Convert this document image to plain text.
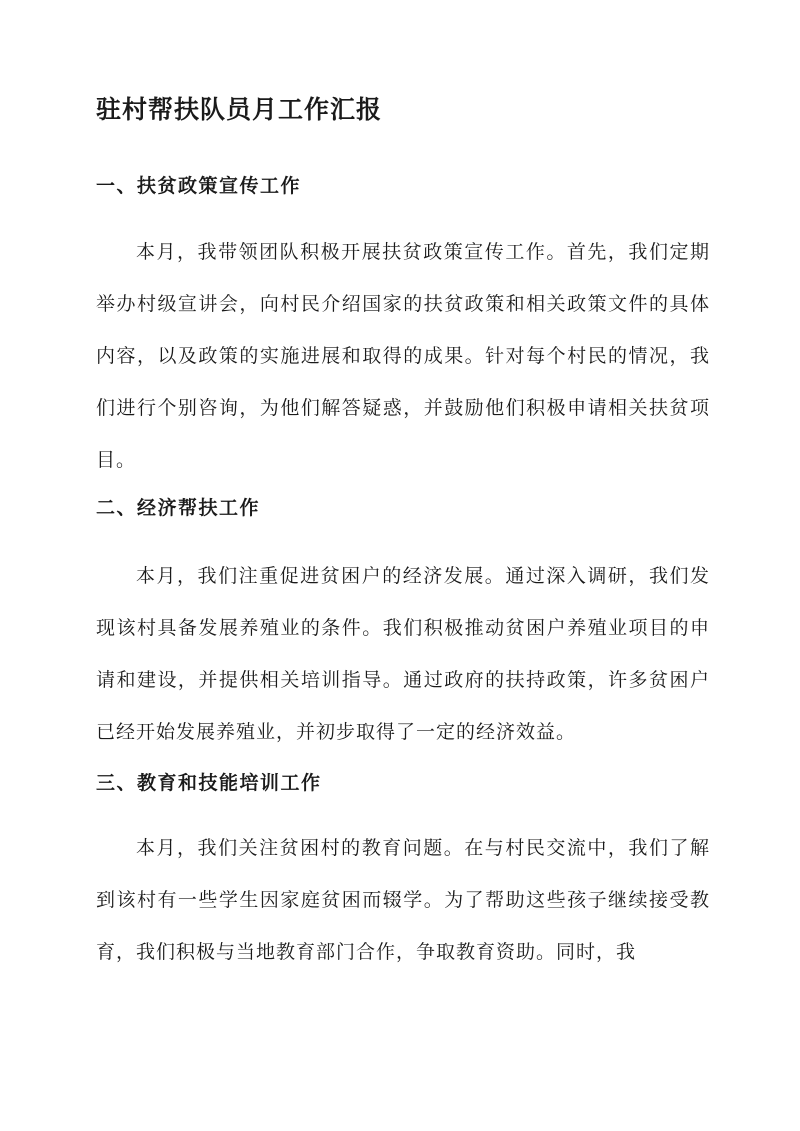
驻村帮扶队员月工作汇报
一、扶贫政策宣传工作

本月，我带领团队积极开展扶贫政策宣传工作。首先，我们定期举办村级宣讲会，向村民介绍国家的扶贫政策和相关政策文件的具体内容，以及政策的实施进展和取得的成果。针对每个村民的情况，我们进行个别咨询，为他们解答疑惑，并鼓励他们积极申请相关扶贫项目。

二、经济帮扶工作

本月，我们注重促进贫困户的经济发展。通过深入调研，我们发现该村具备发展养殖业的条件。我们积极推动贫困户养殖业项目的申请和建设，并提供相关培训指导。通过政府的扶持政策，许多贫困户已经开始发展养殖业，并初步取得了一定的经济效益。

三、教育和技能培训工作

本月，我们关注贫困村的教育问题。在与村民交流中，我们了解到该村有一些学生因家庭贫困而辍学。为了帮助这些孩子继续接受教育，我们积极与当地教育部门合作，争取教育资助。同时，我
